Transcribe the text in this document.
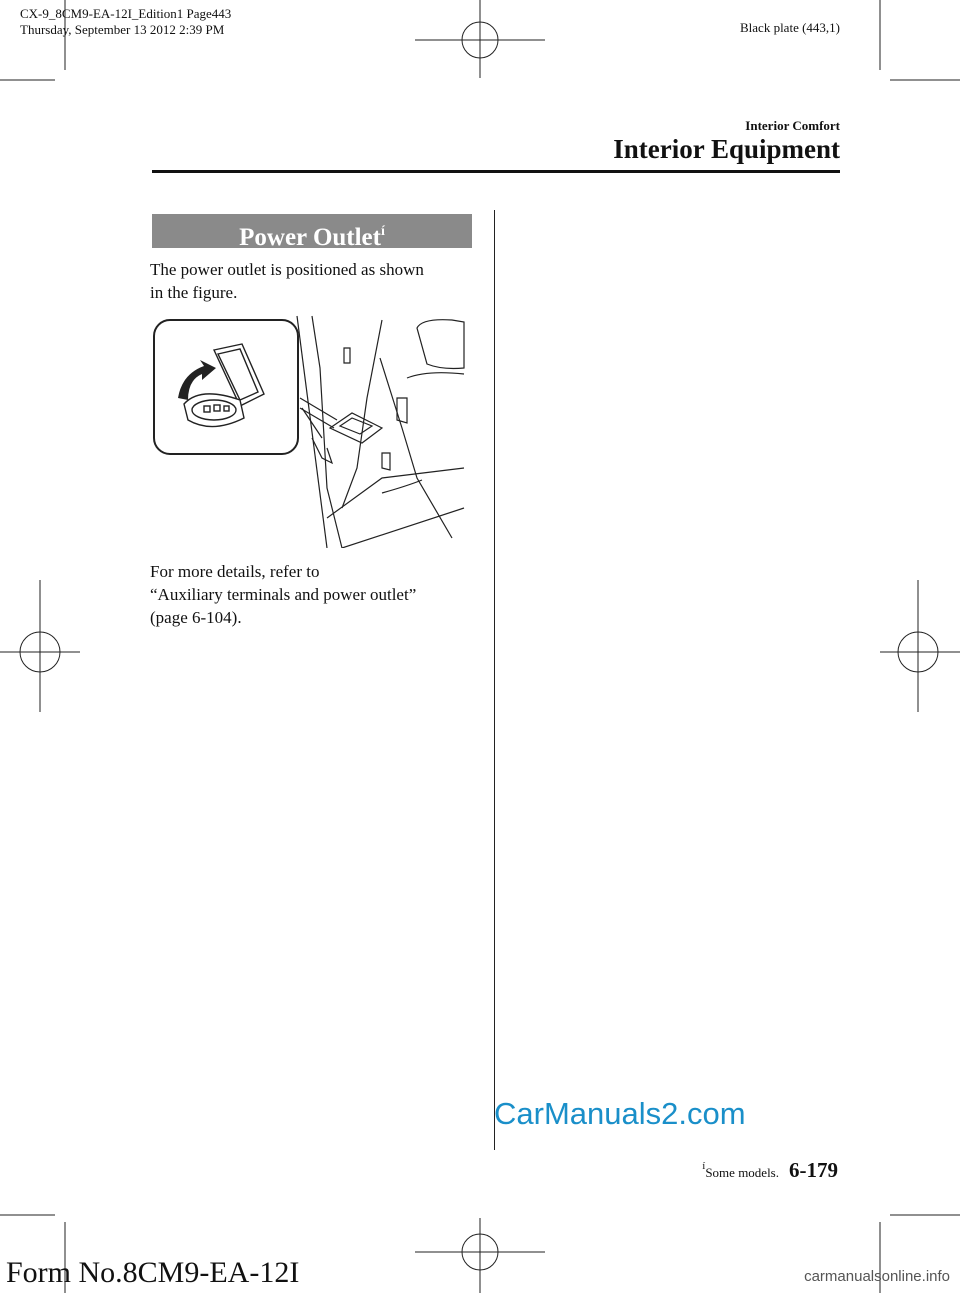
CX-9_8CM9-EA-12I_Edition1 Page443
Thursday, September 13 2012 2:39 PM	Black plate (443,1)
Interior Comfort
Interior Equipment
Power Outlet$^í$
The power outlet is positioned as shown
in the figure.
For more details, refer to
“Auxiliary terminals and power outlet”
(page 6-104).
CarManuals2.com
$^í$Some models. 6-179
Form No.8CM9-EA-12I	carmanualsonline.info
